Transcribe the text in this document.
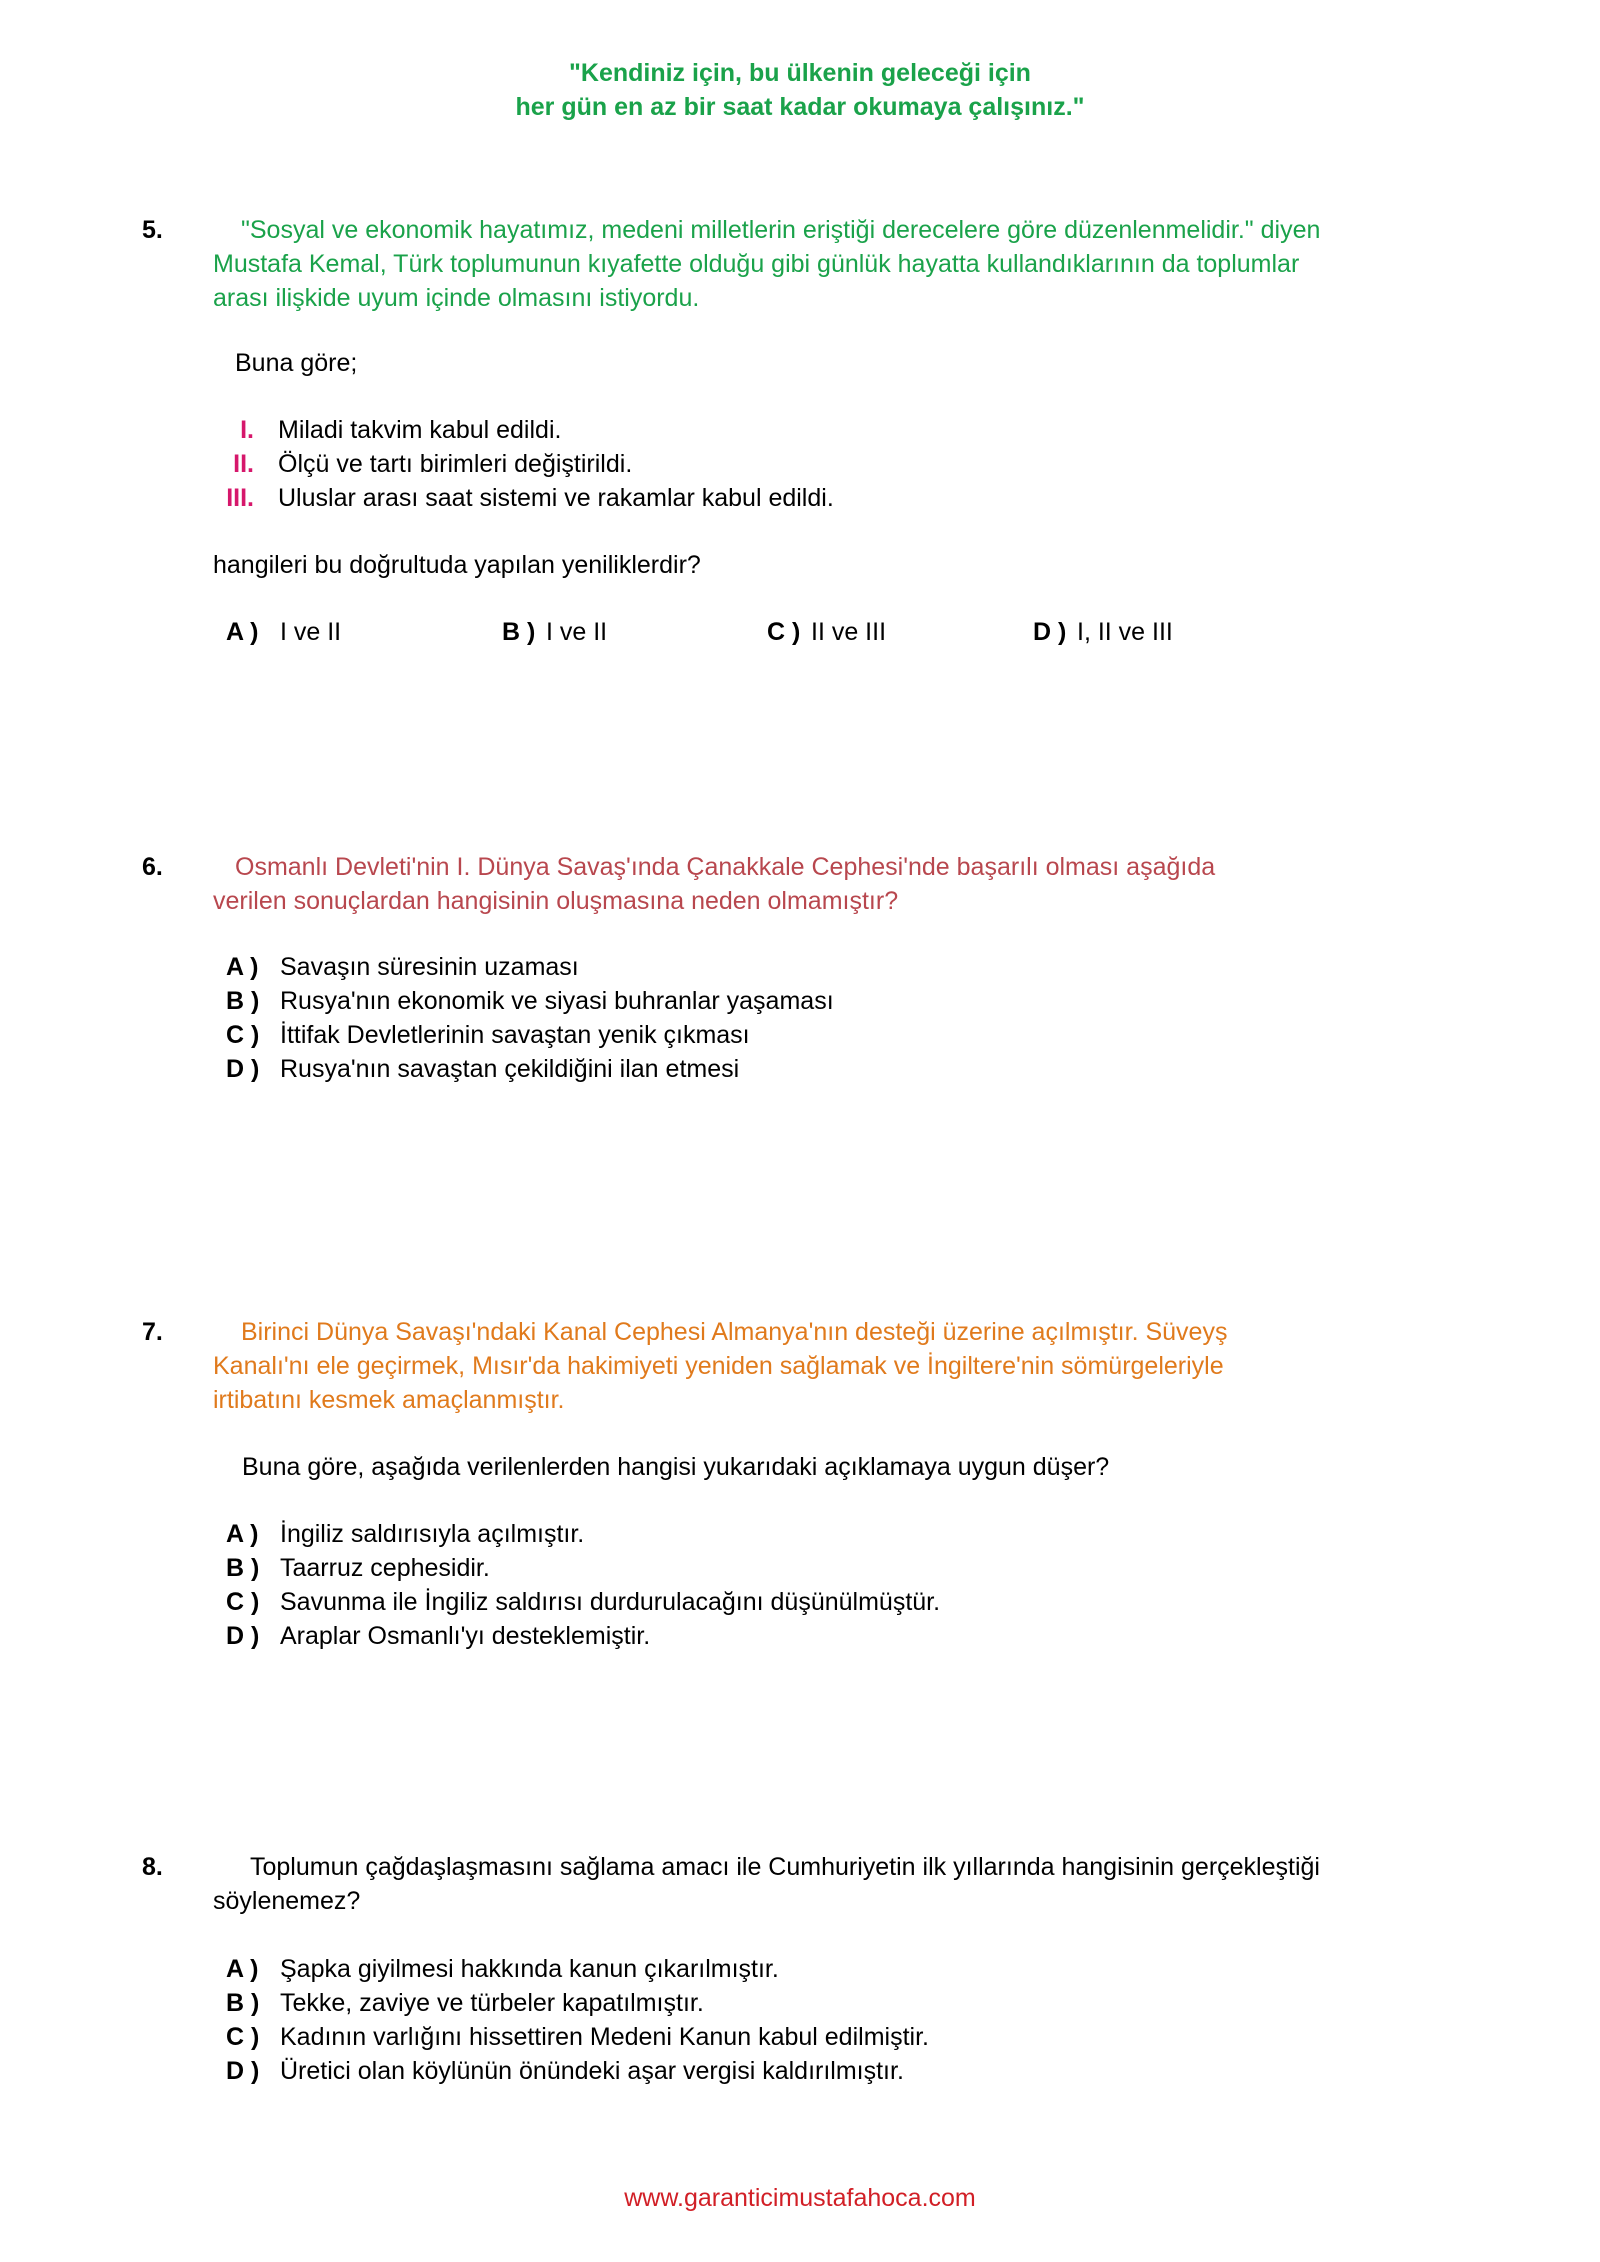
"Kendiniz için, bu ülkenin geleceği için
her gün en az bir saat kadar okumaya çalışınız."
5.	"Sosyal ve ekonomik hayatımız, medeni milletlerin eriştiği derecelere göre düzenlenmelidir." diyen
Mustafa Kemal, Türk toplumunun kıyafette olduğu gibi günlük hayatta kullandıklarının da toplumlar
arası ilişkide uyum içinde olmasını istiyordu.
Buna göre;
I. Miladi takvim kabul edildi.
II. Ölçü ve tartı birimleri değiştirildi.
III. Uluslar arası saat sistemi ve rakamlar kabul edildi.
hangileri bu doğrultuda yapılan yeniliklerdir?
A ) I ve II	B ) I ve II	C ) II ve III	D ) I, II ve III
6.	Osmanlı Devleti'nin I. Dünya Savaş'ında Çanakkale Cephesi'nde başarılı olması aşağıda
verilen sonuçlardan hangisinin oluşmasına neden olmamıştır?
A ) Savaşın süresinin uzaması
B ) Rusya'nın ekonomik ve siyasi buhranlar yaşaması
C ) İttifak Devletlerinin savaştan yenik çıkması
D ) Rusya'nın savaştan çekildiğini ilan etmesi
7.	Birinci Dünya Savaşı'ndaki Kanal Cephesi Almanya'nın desteği üzerine açılmıştır. Süveyş
Kanalı'nı ele geçirmek, Mısır'da hakimiyeti yeniden sağlamak ve İngiltere'nin sömürgeleriyle
irtibatını kesmek amaçlanmıştır.
Buna göre, aşağıda verilenlerden hangisi yukarıdaki açıklamaya uygun düşer?
A ) İngiliz saldırısıyla açılmıştır.
B ) Taarruz cephesidir.
C ) Savunma ile İngiliz saldırısı durdurulacağını düşünülmüştür.
D ) Araplar Osmanlı'yı desteklemiştir.
8.	Toplumun çağdaşlaşmasını sağlama amacı ile Cumhuriyetin ilk yıllarında hangisinin gerçekleştiği
söylenemez?
A ) Şapka giyilmesi hakkında kanun çıkarılmıştır.
B ) Tekke, zaviye ve türbeler kapatılmıştır.
C ) Kadının varlığını hissettiren Medeni Kanun kabul edilmiştir.
D ) Üretici olan köylünün önündeki aşar vergisi kaldırılmıştır.
www.garanticimustafahoca.com
